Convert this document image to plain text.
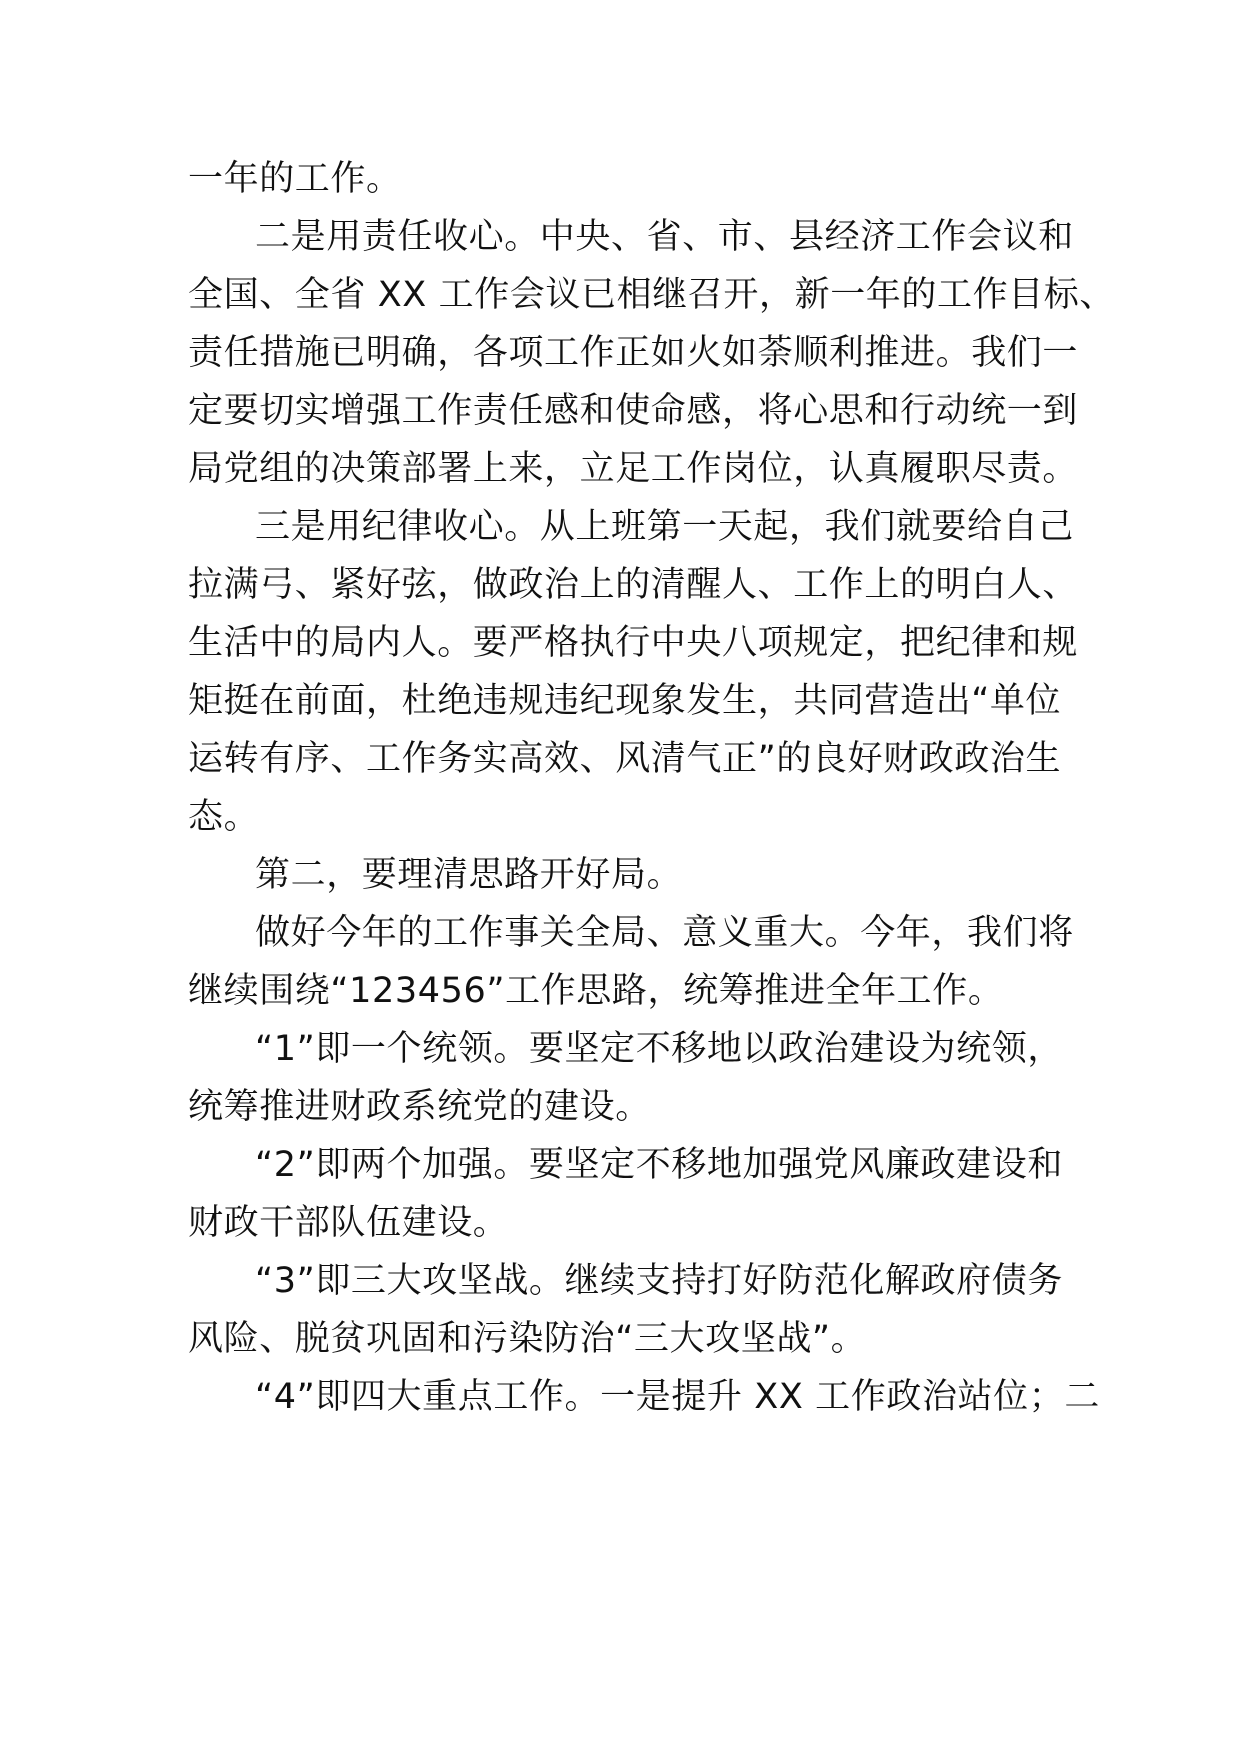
一年的工作。
二是用责任收心。中央、省、市、县经济工作会议和
全国、全省 XX 工作会议已相继召开，新一年的工作目标、
责任措施已明确，各项工作正如火如荼顺利推进。我们一
定要切实增强工作责任感和使命感，将心思和行动统一到
局党组的决策部署上来，立足工作岗位，认真履职尽责。
三是用纪律收心。从上班第一天起，我们就要给自己
拉满弓、紧好弦，做政治上的清醒人、工作上的明白人、
生活中的局内人。要严格执行中央八项规定，把纪律和规
矩挺在前面，杜绝违规违纪现象发生，共同营造出“单位
运转有序、工作务实高效、风清气正”的良好财政政治生
态。
第二，要理清思路开好局。
做好今年的工作事关全局、意义重大。今年，我们将
继续围绕“123456”工作思路，统筹推进全年工作。
“1”即一个统领。要坚定不移地以政治建设为统领，
统筹推进财政系统党的建设。
“2”即两个加强。要坚定不移地加强党风廉政建设和
财政干部队伍建设。
“3”即三大攻坚战。继续支持打好防范化解政府债务
风险、脱贫巩固和污染防治“三大攻坚战”。
“4”即四大重点工作。一是提升 XX 工作政治站位；二
